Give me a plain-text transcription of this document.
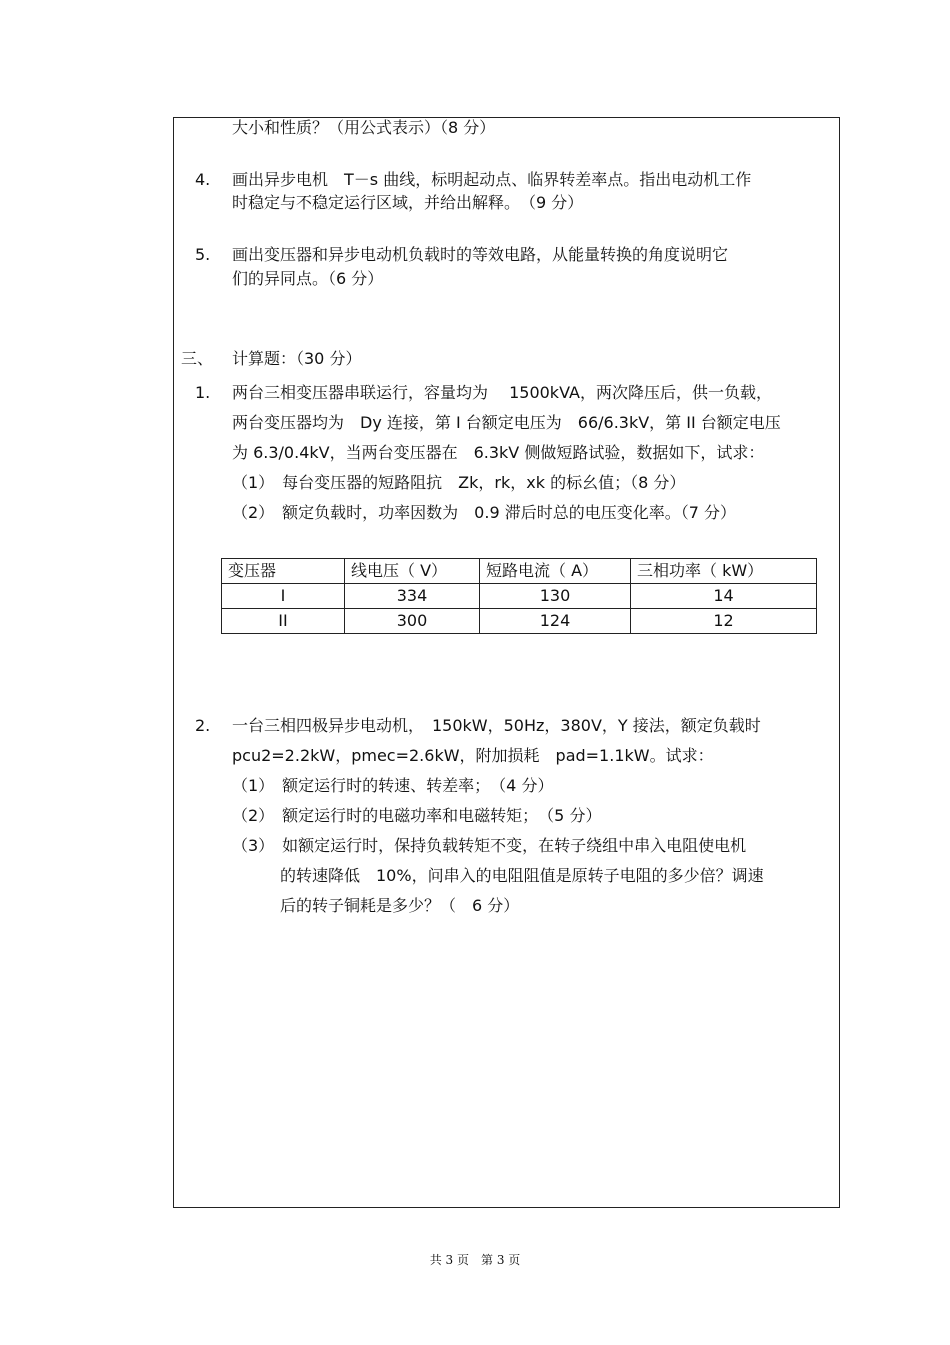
大小和性质？（用公式表示）（8 分）
4. 画出异步电机　T－s 曲线，标明起动点、临界转差率点。指出电动机工作
时稳定与不稳定运行区域，并给出解释。　（9 分）
5. 画出变压器和异步电动机负载时的等效电路，从能量转换的角度说明它
们的异同点。（6 分）
三、 计算题：（30 分）
1. 两台三相变压器串联运行，容量均为　 1500kVA，两次降压后，供一负载，
两台变压器均为　Dy 连接，第 I 台额定电压为　66/6.3kV，第 II 台额定电压
为 6.3/0.4kV，当两台变压器在　6.3kV 侧做短路试验，数据如下，试求：
（1）　每台变压器的短路阻抗　Zk，rk，xk 的标幺值；（8 分）
（2）　额定负载时，功率因数为　0.9 滞后时总的电压变化率。（7 分）
变压器	线电压（ V）	短路电流（ A）	三相功率（ kW）
I	334	130	14
II	300	124	12
2. 一台三相四极异步电动机，　150kW，50Hz，380V，Y 接法，额定负载时
pcu2=2.2kW，pmec=2.6kW，附加损耗　pad=1.1kW。试求：
（1）　额定运行时的转速、转差率；　（4 分）
（2）　额定运行时的电磁功率和电磁转矩；　（5 分）
（3）　如额定运行时，保持负载转矩不变，在转子绕组中串入电阻使电机
的转速降低　10%，问串入的电阻阻值是原转子电阻的多少倍？调速
后的转子铜耗是多少？（　6 分）
共 3 页　第 3 页
